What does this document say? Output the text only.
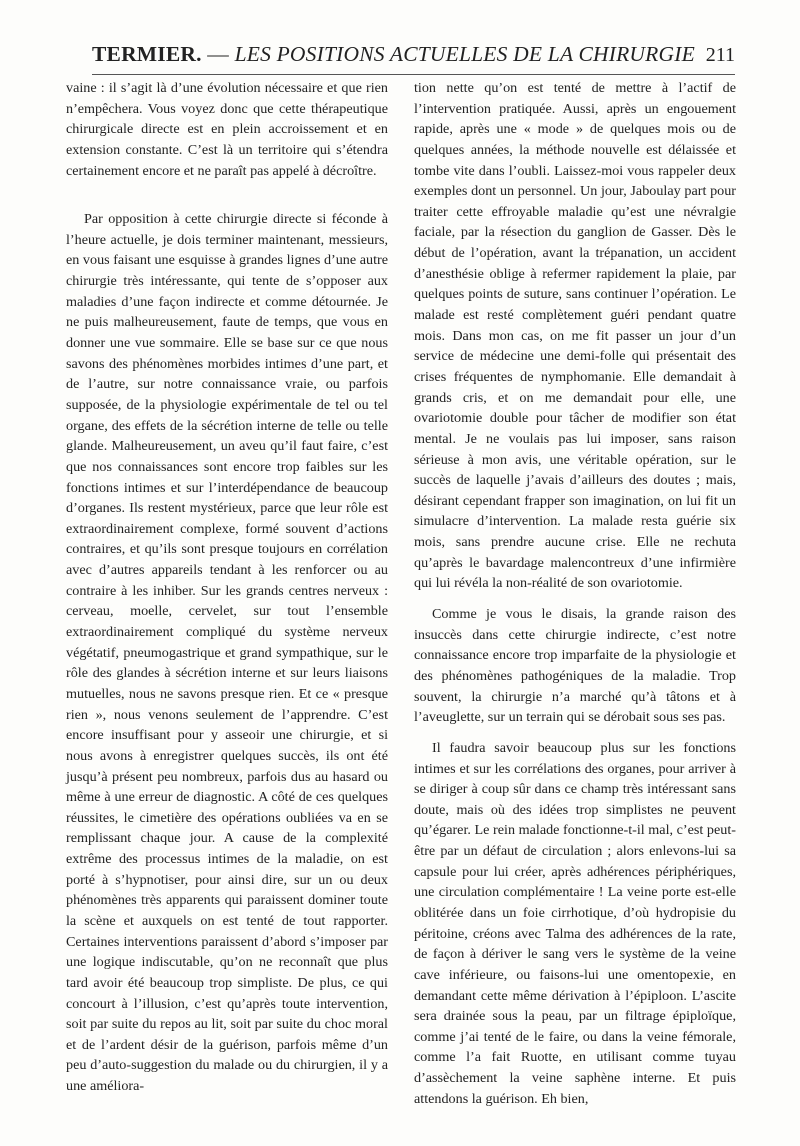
TERMIER. — LES POSITIONS ACTUELLES DE LA CHIRURGIE 211

vaine : il s’agit là d’une évolution nécessaire et que rien n’empêchera. Vous voyez donc que cette thérapeutique chirurgicale directe est en plein accroissement et en extension constante. C’est là un territoire qui s’étendra certainement encore et ne paraît pas appelé à décroître.

Par opposition à cette chirurgie directe si féconde à l’heure actuelle, je dois terminer maintenant, messieurs, en vous faisant une esquisse à grandes lignes d’une autre chirurgie très intéressante, qui tente de s’opposer aux maladies d’une façon indirecte et comme détournée. Je ne puis malheureusement, faute de temps, que vous en donner une vue sommaire. Elle se base sur ce que nous savons des phénomènes morbides intimes d’une part, et de l’autre, sur notre connaissance vraie, ou parfois supposée, de la physiologie expérimentale de tel ou tel organe, des effets de la sécrétion interne de telle ou telle glande. Malheureusement, un aveu qu’il faut faire, c’est que nos connaissances sont encore trop faibles sur les fonctions intimes et sur l’interdépendance de beaucoup d’organes. Ils restent mystérieux, parce que leur rôle est extraordinairement complexe, formé souvent d’actions contraires, et qu’ils sont presque toujours en corrélation avec d’autres appareils tendant à les renforcer ou au contraire à les inhiber. Sur les grands centres nerveux : cerveau, moelle, cervelet, sur tout l’ensemble extraordinairement compliqué du système nerveux végétatif, pneumogastrique et grand sympathique, sur le rôle des glandes à sécrétion interne et sur leurs liaisons mutuelles, nous ne savons presque rien. Et ce « presque rien », nous venons seulement de l’apprendre. C’est encore insuffisant pour y asseoir une chirurgie, et si nous avons à enregistrer quelques succès, ils ont été jusqu’à présent peu nombreux, parfois dus au hasard ou même à une erreur de diagnostic. A côté de ces quelques réussites, le cimetière des opérations oubliées va en se remplissant chaque jour. A cause de la complexité extrême des processus intimes de la maladie, on est porté à s’hypnotiser, pour ainsi dire, sur un ou deux phénomènes très apparents qui paraissent dominer toute la scène et auxquels on est tenté de tout rapporter. Certaines interventions paraissent d’abord s’imposer par une logique indiscutable, qu’on ne reconnaît que plus tard avoir été beaucoup trop simpliste. De plus, ce qui concourt à l’illusion, c’est qu’après toute intervention, soit par suite du repos au lit, soit par suite du choc moral et de l’ardent désir de la guérison, parfois même d’un peu d’auto-suggestion du malade ou du chirurgien, il y a une améliora-

tion nette qu’on est tenté de mettre à l’actif de l’intervention pratiquée. Aussi, après un engouement rapide, après une « mode » de quelques mois ou de quelques années, la méthode nouvelle est délaissée et tombe vite dans l’oubli. Laissez-moi vous rappeler deux exemples dont un personnel. Un jour, Jaboulay part pour traiter cette effroyable maladie qu’est une névralgie faciale, par la résection du ganglion de Gasser. Dès le début de l’opération, avant la trépanation, un accident d’anesthésie oblige à refermer rapidement la plaie, par quelques points de suture, sans continuer l’opération. Le malade est resté complètement guéri pendant quatre mois. Dans mon cas, on me fit passer un jour d’un service de médecine une demi-folle qui présentait des crises fréquentes de nymphomanie. Elle demandait à grands cris, et on me demandait pour elle, une ovariotomie double pour tâcher de modifier son état mental. Je ne voulais pas lui imposer, sans raison sérieuse à mon avis, une véritable opération, sur le succès de laquelle j’avais d’ailleurs des doutes ; mais, désirant cependant frapper son imagination, on lui fit un simulacre d’intervention. La malade resta guérie six mois, sans prendre aucune crise. Elle ne rechuta qu’après le bavardage malencontreux d’une infirmière qui lui révéla la non-réalité de son ovariotomie.

Comme je vous le disais, la grande raison des insuccès dans cette chirurgie indirecte, c’est notre connaissance encore trop imparfaite de la physiologie et des phénomènes pathogéniques de la maladie. Trop souvent, la chirurgie n’a marché qu’à tâtons et à l’aveuglette, sur un terrain qui se dérobait sous ses pas.

Il faudra savoir beaucoup plus sur les fonctions intimes et sur les corrélations des organes, pour arriver à se diriger à coup sûr dans ce champ très intéressant sans doute, mais où des idées trop simplistes ne peuvent qu’égarer. Le rein malade fonctionne-t-il mal, c’est peut-être par un défaut de circulation ; alors enlevons-lui sa capsule pour lui créer, après adhérences périphériques, une circulation complémentaire ! La veine porte est-elle oblitérée dans un foie cirrhotique, d’où hydropisie du péritoine, créons avec Talma des adhérences de la rate, de façon à dériver le sang vers le système de la veine cave inférieure, ou faisons-lui une omentopexie, en demandant cette même dérivation à l’épiploon. L’ascite sera drainée sous la peau, par un filtrage épiploïque, comme j’ai tenté de le faire, ou dans la veine fémorale, comme l’a fait Ruotte, en utilisant comme tuyau d’assèchement la veine saphène interne. Et puis attendons la guérison. Eh bien,
